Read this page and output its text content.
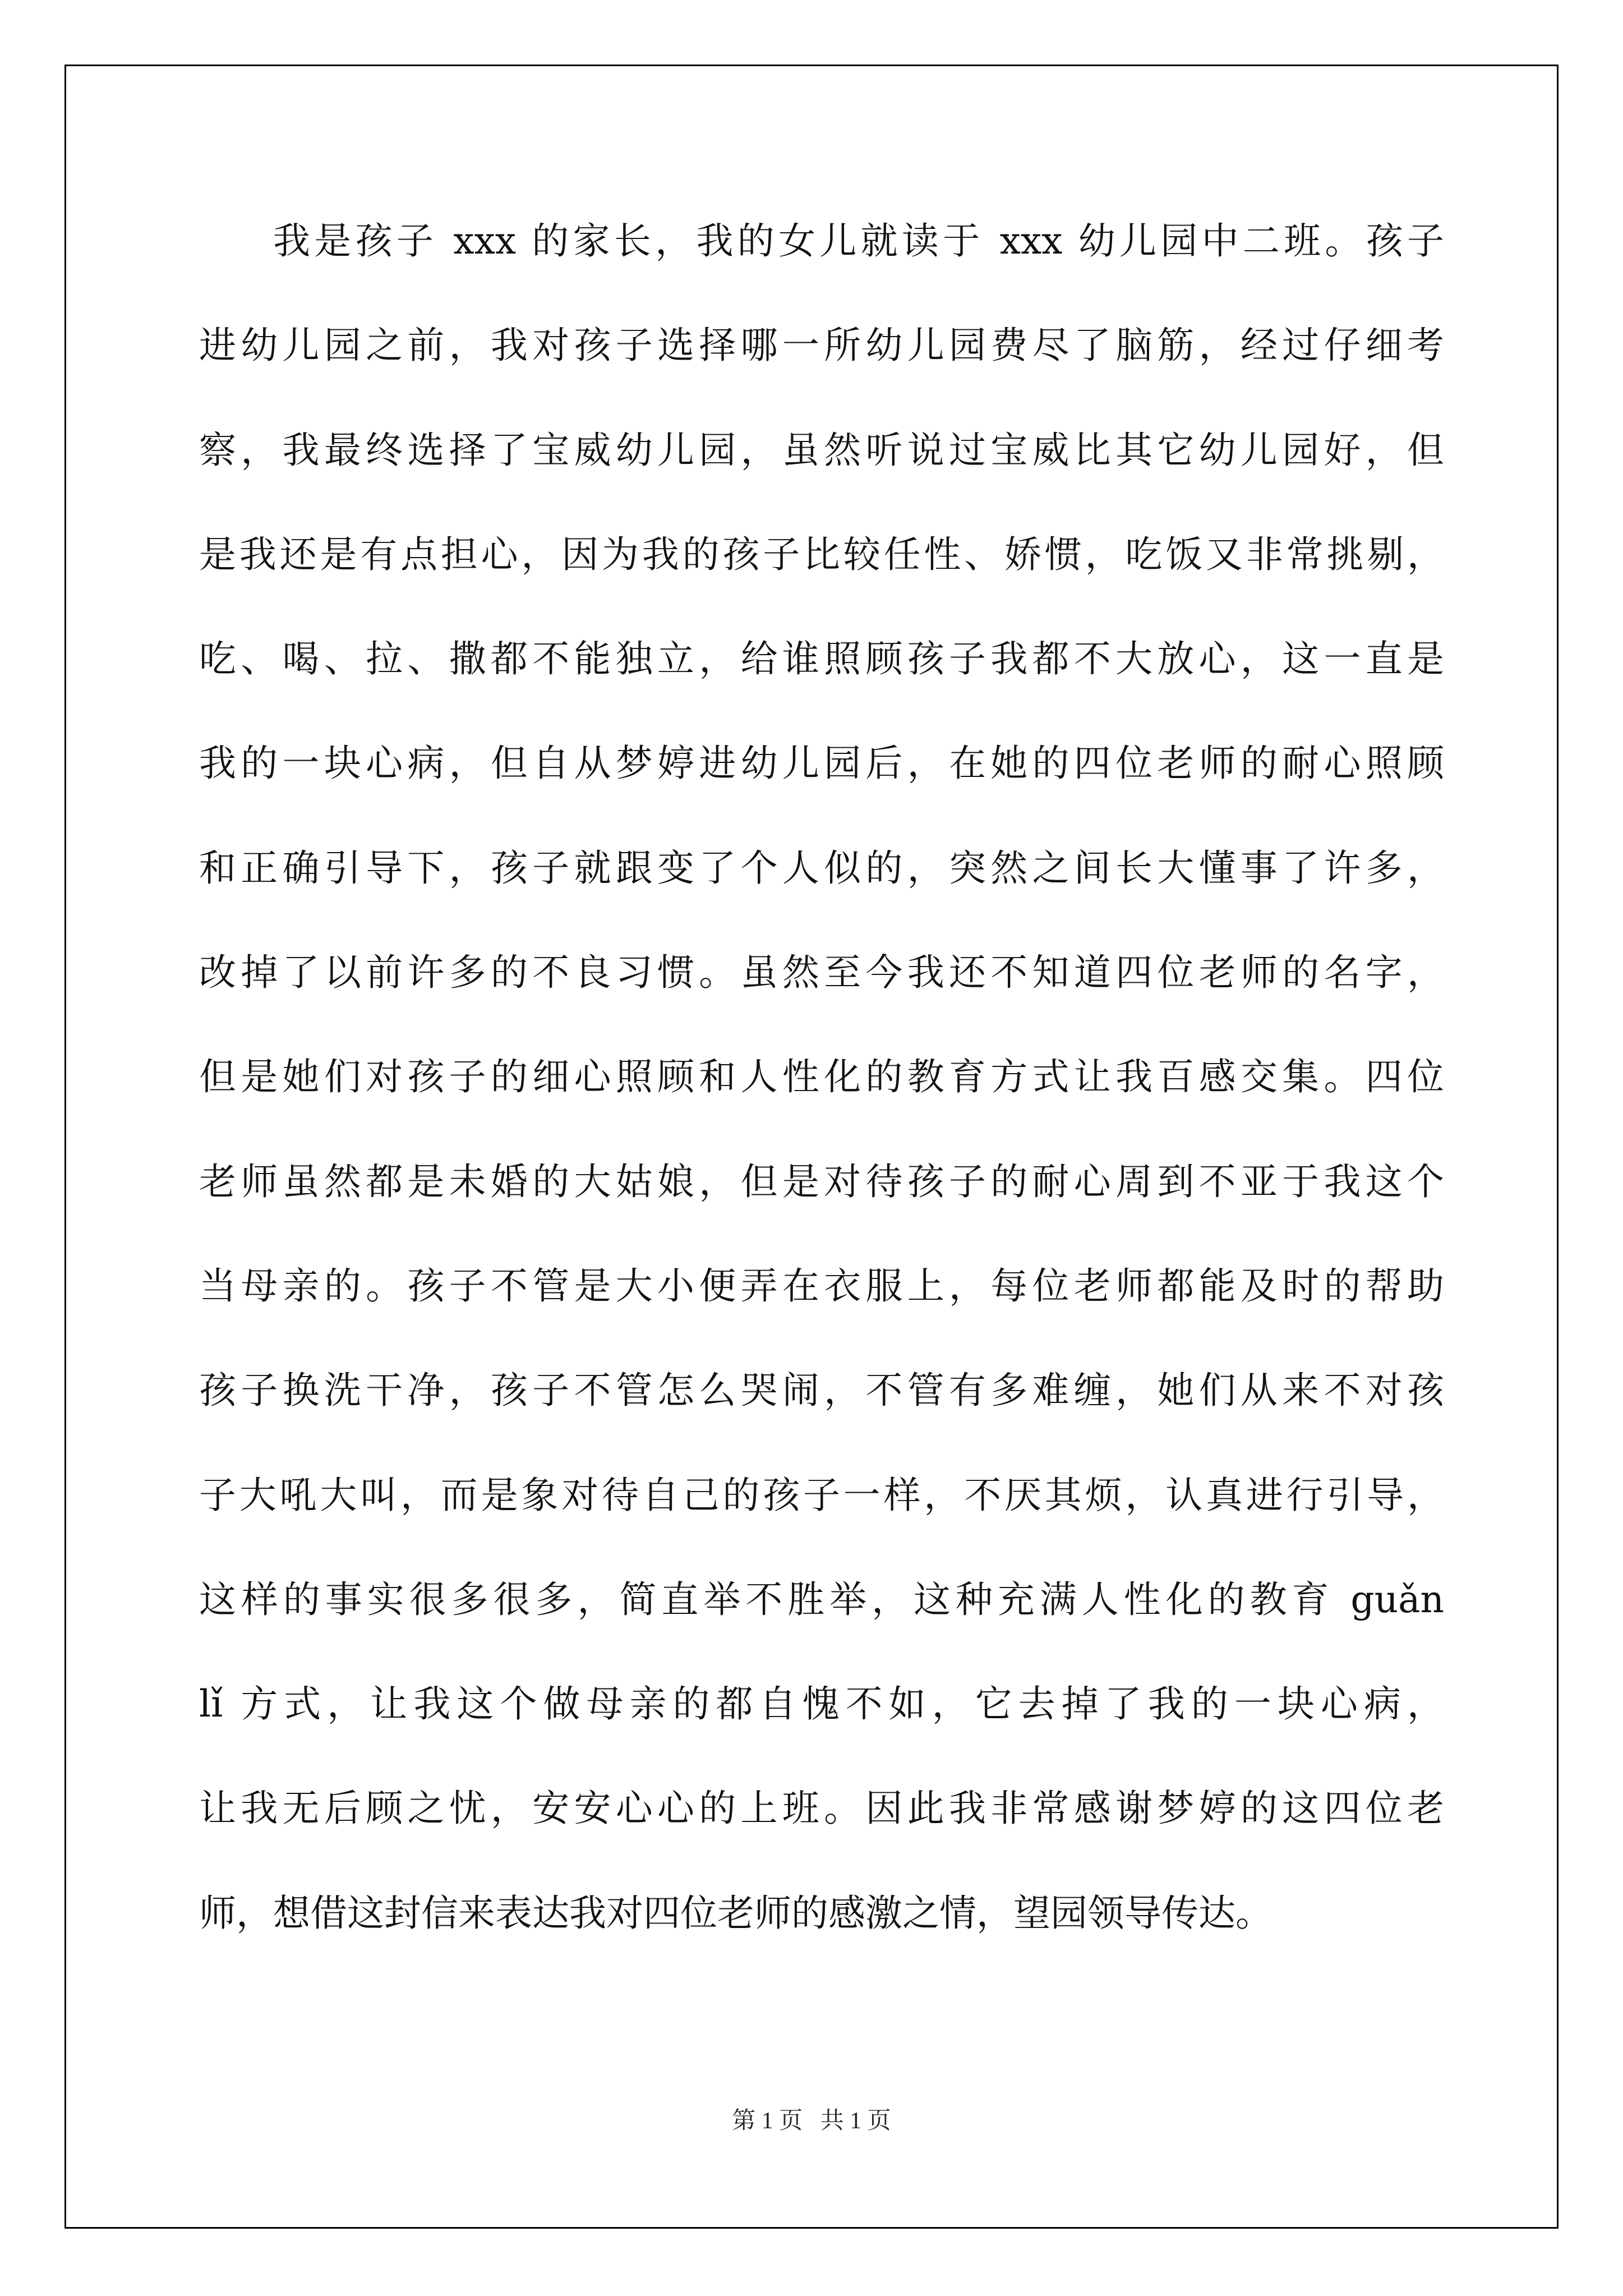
我是孩子 xxx 的家长，我的女儿就读于 xxx 幼儿园中二班。孩子
进幼儿园之前，我对孩子选择哪一所幼儿园费尽了脑筋，经过仔细考
察，我最终选择了宝威幼儿园，虽然听说过宝威比其它幼儿园好，但
是我还是有点担心，因为我的孩子比较任性、娇惯，吃饭又非常挑剔，
吃、喝、拉、撒都不能独立，给谁照顾孩子我都不大放心，这一直是
我的一块心病，但自从梦婷进幼儿园后，在她的四位老师的耐心照顾
和正确引导下，孩子就跟变了个人似的，突然之间长大懂事了许多，
改掉了以前许多的不良习惯。虽然至今我还不知道四位老师的名字，
但是她们对孩子的细心照顾和人性化的教育方式让我百感交集。四位
老师虽然都是未婚的大姑娘，但是对待孩子的耐心周到不亚于我这个
当母亲的。孩子不管是大小便弄在衣服上，每位老师都能及时的帮助
孩子换洗干净，孩子不管怎么哭闹，不管有多难缠，她们从来不对孩
子大吼大叫，而是象对待自己的孩子一样，不厌其烦，认真进行引导，
这样的事实很多很多，简直举不胜举，这种充满人性化的教育 guǎn
lǐ 方式，让我这个做母亲的都自愧不如，它去掉了我的一块心病，
让我无后顾之忧，安安心心的上班。因此我非常感谢梦婷的这四位老
师，想借这封信来表达我对四位老师的感激之情，望园领导传达。
第 1 页   共 1 页
